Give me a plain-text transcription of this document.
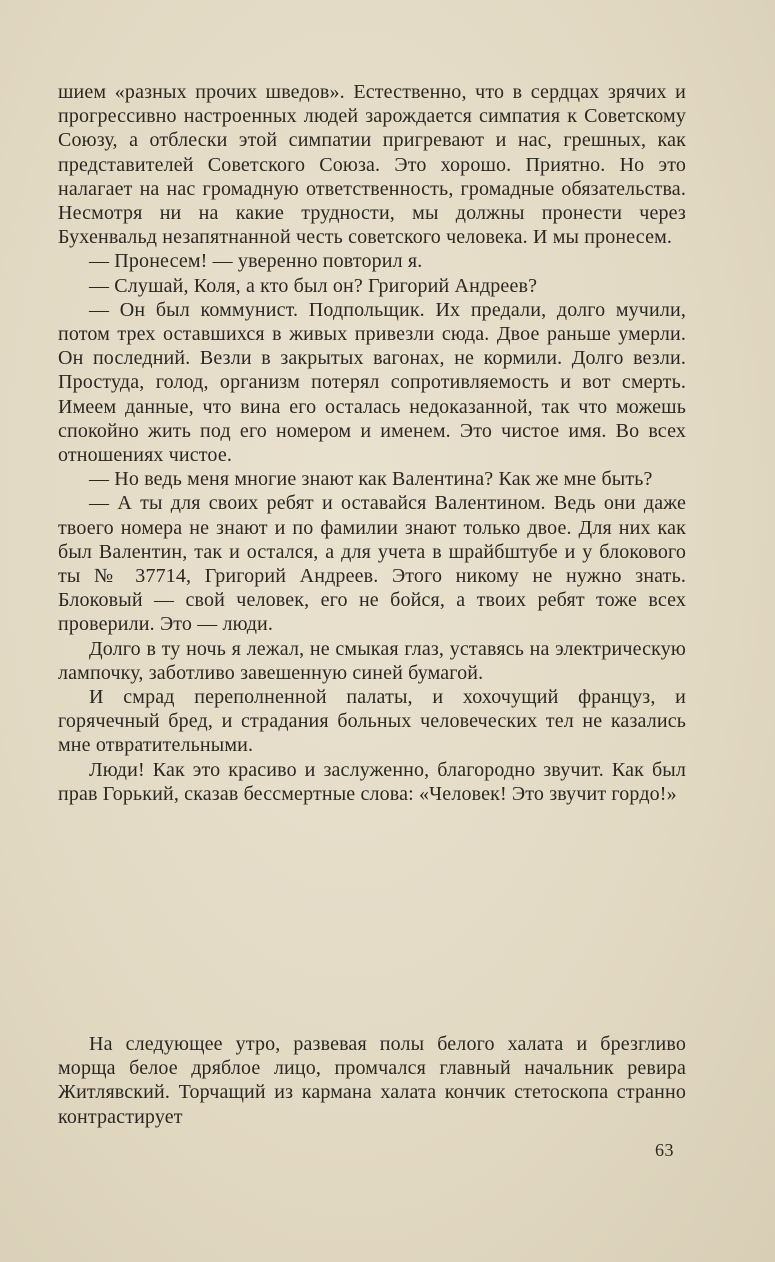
шием «разных прочих шведов». Естественно, что в сердцах зрячих и прогрессивно настроенных людей зарождается симпатия к Советскому Союзу, а отблески этой симпатии пригревают и нас, грешных, как представителей Советского Союза. Это хорошо. Приятно. Но это налагает на нас громадную ответственность, громадные обязательства. Несмотря ни на какие трудности, мы должны пронести через Бухенвальд незапятнанной честь советского человека. И мы пронесем.

— Пронесем! — уверенно повторил я.

— Слушай, Коля, а кто был он? Григорий Андреев?

— Он был коммунист. Подпольщик. Их предали, долго мучили, потом трех оставшихся в живых привезли сюда. Двое раньше умерли. Он последний. Везли в закрытых вагонах, не кормили. Долго везли. Простуда, голод, организм потерял сопротивляемость и вот смерть. Имеем данные, что вина его осталась недоказанной, так что можешь спокойно жить под его номером и именем. Это чистое имя. Во всех отношениях чистое.

— Но ведь меня многие знают как Валентина? Как же мне быть?

— А ты для своих ребят и оставайся Валентином. Ведь они даже твоего номера не знают и по фамилии знают только двое. Для них как был Валентин, так и остался, а для учета в шрайбштубе и у блокового ты № 37714, Григорий Андреев. Этого никому не нужно знать. Блоковый — свой человек, его не бойся, а твоих ребят тоже всех проверили. Это — люди.

Долго в ту ночь я лежал, не смыкая глаз, уставясь на электрическую лампочку, заботливо завешенную синей бумагой.

И смрад переполненной палаты, и хохочущий француз, и горячечный бред, и страдания больных человеческих тел не казались мне отвратительными.

Люди! Как это красиво и заслуженно, благородно звучит. Как был прав Горький, сказав бессмертные слова: «Человек! Это звучит гордо!»

На следующее утро, развевая полы белого халата и брезгливо морща белое дряблое лицо, промчался главный начальник ревира Житлявский. Торчащий из кармана халата кончик стетоскопа странно контрастирует

63
